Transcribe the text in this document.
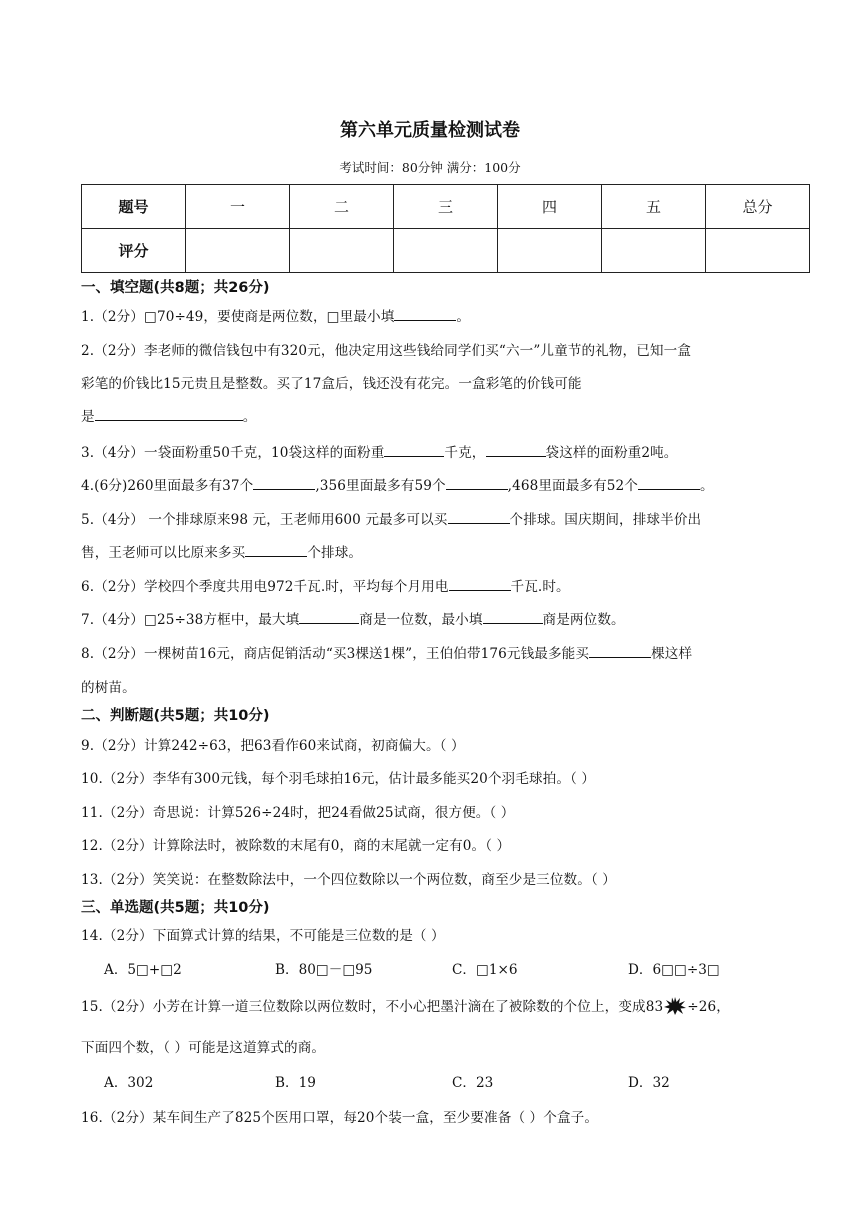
第六单元质量检测试卷
考试时间：80分钟 满分：100分
题号	一	二	三	四	五	总分
评分						
一、填空题(共8题；共26分)
1.（2分）□70÷49，要使商是两位数，□里最小填	。
2.（2分）李老师的微信钱包中有320元，他决定用这些钱给同学们买“六一”儿童节的礼物，已知一盒
彩笔的价钱比15元贵且是整数。买了17盒后，钱还没有花完。一盒彩笔的价钱可能
是	。
3.（4分）一袋面粉重50千克，10袋这样的面粉重	千克，	袋这样的面粉重2吨。
4.(6分)260里面最多有37个	,356里面最多有59个	,468里面最多有52个	。
5.（4分） 一个排球原来98 元，王老师用600 元最多可以买	个排球。国庆期间，排球半价出
售，王老师可以比原来多买	个排球。
6.（2分）学校四个季度共用电972千瓦.时，平均每个月用电	千瓦.时。
7.（4分）□25÷38方框中，最大填	商是一位数，最小填	商是两位数。
8.（2分）一棵树苗16元，商店促销活动“买3棵送1棵”，王伯伯带176元钱最多能买	棵这样
的树苗。
二、判断题(共5题；共10分)
9.（2分）计算242÷63，把63看作60来试商，初商偏大。（ ）
10.（2分）李华有300元钱，每个羽毛球拍16元，估计最多能买20个羽毛球拍。（ ）
11.（2分）奇思说：计算526÷24时，把24看做25试商，很方便。（ ）
12.（2分）计算除法时，被除数的末尾有0，商的末尾就一定有0。（ ）
13.（2分）笑笑说：在整数除法中，一个四位数除以一个两位数，商至少是三位数。（ ）
三、单选题(共5题；共10分)
14.（2分）下面算式计算的结果，不可能是三位数的是（ ）
A．5□+□2	B．80□－□95	C．□1×6	D．6□□÷3□
15.（2分）小芳在计算一道三位数除以两位数时，不小心把墨汁滴在了被除数的个位上，变成83 ÷26，
下面四个数，（ ）可能是这道算式的商。
A．302	B．19	C．23	D．32
16.（2分）某车间生产了825个医用口罩，每20个装一盒，至少要准备（ ）个盒子。
